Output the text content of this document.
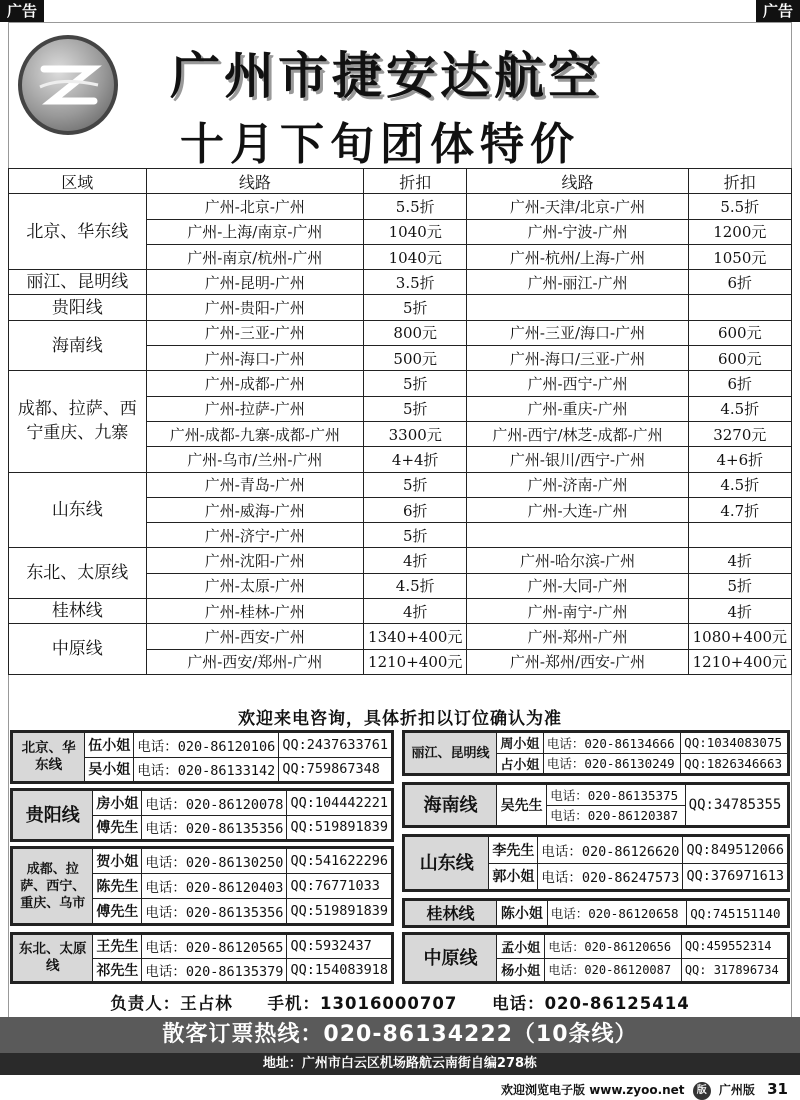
广告	广告
广州市捷安达航空
十月下旬团体特价
区域	线路	折扣	线路	折扣
北京、华东线	广州-北京-广州	5.5折	广州-天津/北京-广州	5.5折
	广州-上海/南京-广州	1040元	广州-宁波-广州	1200元
	广州-南京/杭州-广州	1040元	广州-杭州/上海-广州	1050元
丽江、昆明线	广州-昆明-广州	3.5折	广州-丽江-广州	6折
贵阳线	广州-贵阳-广州	5折		
海南线	广州-三亚-广州	800元	广州-三亚/海口-广州	600元
	广州-海口-广州	500元	广州-海口/三亚-广州	600元
成都、拉萨、西宁重庆、九寨	广州-成都-广州	5折	广州-西宁-广州	6折
	广州-拉萨-广州	5折	广州-重庆-广州	4.5折
	广州-成都-九寨-成都-广州	3300元	广州-西宁/林芝-成都-广州	3270元
	广州-乌市/兰州-广州	4+4折	广州-银川/西宁-广州	4+6折
山东线	广州-青岛-广州	5折	广州-济南-广州	4.5折
	广州-威海-广州	6折	广州-大连-广州	4.7折
	广州-济宁-广州	5折		
东北、太原线	广州-沈阳-广州	4折	广州-哈尔滨-广州	4折
	广州-太原-广州	4.5折	广州-大同-广州	5折
桂林线	广州-桂林-广州	4折	广州-南宁-广州	4折
中原线	广州-西安-广州	1340+400元	广州-郑州-广州	1080+400元
	广州-西安/郑州-广州	1210+400元	广州-郑州/西安-广州	1210+400元
欢迎来电咨询，具体折扣以订位确认为准
北京、华东线	伍小姐	电话：020-86120106	QQ:2437633761
	吴小姐	电话：020-86133142	QQ:759867348
贵阳线	房小姐	电话：020-86120078	QQ:104442221
	傅先生	电话：020-86135356	QQ:519891839
成都、拉萨、西宁、重庆、乌市	贺小姐	电话：020-86130250	QQ:541622296
	陈先生	电话：020-86120403	QQ:76771033
	傅先生	电话：020-86135356	QQ:519891839
东北、太原线	王先生	电话：020-86120565	QQ:5932437
	祁先生	电话：020-86135379	QQ:154083918
丽江、昆明线	周小姐	电话：020-86134666	QQ:1034083075
	占小姐	电话：020-86130249	QQ:1826346663
海南线	吴先生	电话：020-86135375	QQ:34785355
电话：020-86120387
山东线	李先生	电话：020-86126620	QQ:849512066
	郭小姐	电话：020-86247573	QQ:376971613
桂林线	陈小姐	电话：020-86120658	QQ:745151140
中原线	孟小姐	电话：020-86120656	QQ:459552314
	杨小姐	电话：020-86120087	QQ: 317896734
负责人：王占林 手机：13016000707 电话：020-86125414
散客订票热线：020-86134222（10条线）
地址：广州市白云区机场路航云南街自编278栋
欢迎浏览电子版 www.zyoo.net 版 广州版 31
